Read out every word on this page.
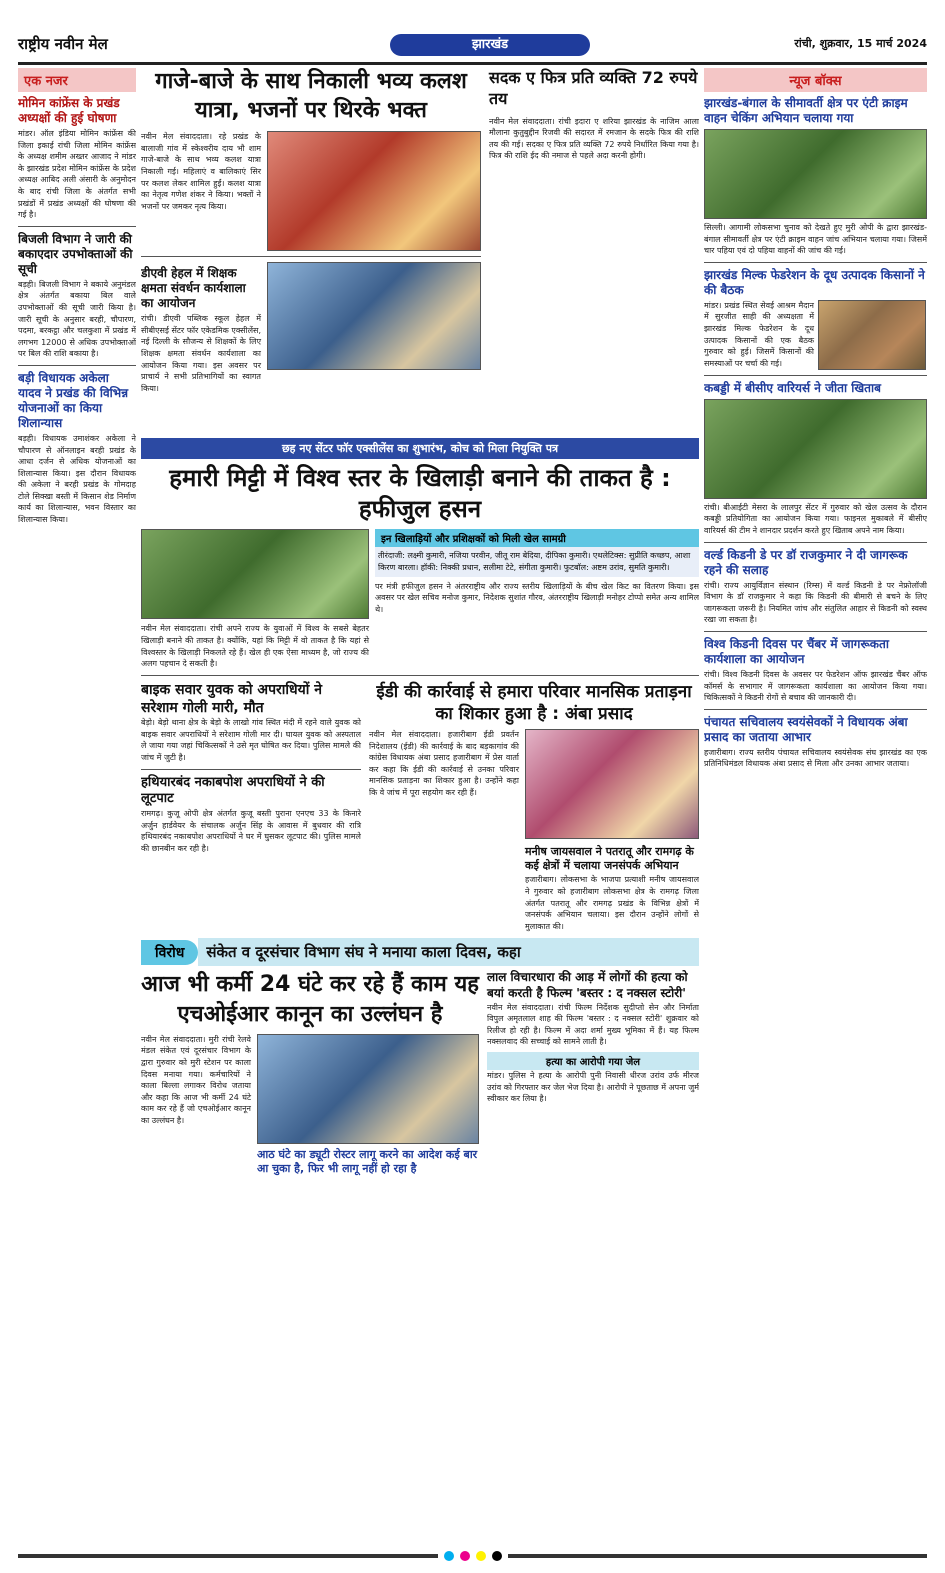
राष्ट्रीय नवीन मेल	झारखंड	रांची, शुक्रवार, 15 मार्च 2024
एक नजर
मोमिन कांफ्रेंस के प्रखंड अध्यक्षों की हुई घोषणा
मांडर। ऑल इंडिया मोमिन कांफ्रेंस की जिला इकाई रांची जिला मोमिन कांफ्रेंस के अध्यक्ष शमीम अख्तर आजाद ने मांडर के झारखंड प्रदेश मोमिन कांफ्रेंस के प्रदेश अध्यक्ष आबिद अली अंसारी के अनुमोदन के बाद रांची जिला के अंतर्गत सभी प्रखंडों में प्रखंड अध्यक्षों की घोषणा की गई है।
बिजली विभाग ने जारी की बकाएदार उपभोक्ताओं की सूची
बड़ही। बिजली विभाग ने बकाये अनुमंडल क्षेत्र अंतर्गत बकाया बिल वाले उपभोक्ताओं की सूची जारी किया है। जारी सूची के अनुसार बरही, चौपारण, पदमा, बरकट्ठा और चलकुशा में प्रखंड में लगभग 12000 से अधिक उपभोक्ताओं पर बिल की राशि बकाया है।
बड़ी विधायक अकेला यादव ने प्रखंड की विभिन्न योजनाओं का किया शिलान्यास
बड़ही। विधायक उमाशंकर अकेला ने चौपारण से ऑनलाइन बरही प्रखंड के आधा दर्जन से अधिक योजनाओं का शिलान्यास किया। इस दौरान विधायक की अकेला ने बरही प्रखंड के गोमदाह टोले सिक्खा बस्ती में किसान शेड निर्माण कार्य का शिलान्यास, भवन विस्तार का शिलान्यास किया।
गाजे-बाजे के साथ निकाली भव्य कलश यात्रा, भजनों पर थिरके भक्त
नवीन मेल संवाददाता। रहे प्रखंड के बालाजी गांव में स्केश्वरीय दाय भौ शाम गाजे-बाजे के साथ भव्य कलश यात्रा निकाली गई। महिलाएं व बालिकाएं सिर पर कलश लेकर शामिल हुईं। कलश यात्रा का नेतृत्व गणेश शंकर ने किया। भक्तों ने भजनों पर जमकर नृत्य किया।
डीएवी हेहल में शिक्षक क्षमता संवर्धन कार्यशाला का आयोजन
रांची। डीएवी पब्लिक स्कूल हेहल में सीबीएसई सेंटर फॉर एकेडमिक एक्सीलेंस, नई दिल्ली के सौजन्य से शिक्षकों के लिए शिक्षक क्षमता संवर्धन कार्यशाला का आयोजन किया गया। इस अवसर पर प्राचार्य ने सभी प्रतिभागियों का स्वागत किया।
सदक ए फित्र प्रति व्यक्ति 72 रुपये तय
नवीन मेल संवाददाता। रांची इदारा ए शरिया झारखंड के नाजिम आला मौलाना कुतुबुद्दीन रिजवी की सदारत में रमजान के सदके फित्र की राशि तय की गई। सदका ए फित्र प्रति व्यक्ति 72 रुपये निर्धारित किया गया है। फित्र की राशि ईद की नमाज से पहले अदा करनी होगी।
छह नए सेंटर फॉर एक्सीलेंस का शुभारंभ, कोच को मिला नियुक्ति पत्र
हमारी मिट्टी में विश्व स्तर के खिलाड़ी बनाने की ताकत है : हफीजुल हसन
नवीन मेल संवाददाता। रांची अपने राज्य के युवाओं में विश्व के सबसे बेहतर खिलाड़ी बनाने की ताकत है। क्योंकि, यहां कि मिट्टी में वो ताकत है कि यहां से विश्वस्तर के खिलाड़ी निकलते रहे हैं। खेल ही एक ऐसा माध्यम है, जो राज्य की अलग पहचान दे सकती है।
इन खिलाड़ियों और प्रशिक्षकों को मिली खेल सामग्री
तीरंदाजी: लक्ष्मी कुमारी, नजिया परवीन, जीतू राम बेदिया, दीपिका कुमारी। एथलेटिक्स: सुप्रीति कच्छप, आशा किरण बारला। हॉकी: निक्की प्रधान, सलीमा टेटे, संगीता कुमारी। फुटबॉल: अष्टम उरांव, सुमति कुमारी।
पर मंत्री हफीजुल हसन ने अंतरराष्ट्रीय और राज्य स्तरीय खिलाड़ियों के बीच खेल किट का वितरण किया। इस अवसर पर खेल सचिव मनोज कुमार, निदेशक सुशांत गौरव, अंतरराष्ट्रीय खिलाड़ी मनोहर टोप्पो समेत अन्य शामिल थे।
बाइक सवार युवक को अपराधियों ने सरेशाम गोली मारी, मौत
बेड़ो। बेड़ो थाना क्षेत्र के बेड़ो के लाखो गांव स्थित मंदी में रहने वाले युवक को बाइक सवार अपराधियों ने सरेशाम गोली मार दी। घायल युवक को अस्पताल ले जाया गया जहां चिकित्सकों ने उसे मृत घोषित कर दिया। पुलिस मामले की जांच में जुटी है।
हथियारबंद नकाबपोश अपराधियों ने की लूटपाट
रामगढ़। कुजू ओपी क्षेत्र अंतर्गत कुजू बस्ती पुराना एनएच 33 के किनारे अर्जुन हार्डवेयर के संचालक अर्जुन सिंह के आवास में बुधवार की रात्रि हथियारबंद नकाबपोश अपराधियों ने घर में घुसकर लूटपाट की। पुलिस मामले की छानबीन कर रही है।
ईडी की कार्रवाई से हमारा परिवार मानसिक प्रताड़ना का शिकार हुआ है : अंबा प्रसाद
नवीन मेल संवाददाता। हजारीबाग ईडी प्रवर्तन निदेशालय (ईडी) की कार्रवाई के बाद बड़कागांव की कांग्रेस विधायक अंबा प्रसाद हजारीबाग में प्रेस वार्ता कर कहा कि ईडी की कार्रवाई से उनका परिवार मानसिक प्रताड़ना का शिकार हुआ है। उन्होंने कहा कि वे जांच में पूरा सहयोग कर रही हैं।
मनीष जायसवाल ने पतरातू और रामगढ़ के कई क्षेत्रों में चलाया जनसंपर्क अभियान
हजारीबाग। लोकसभा के भाजपा प्रत्याशी मनीष जायसवाल ने गुरुवार को हजारीबाग लोकसभा क्षेत्र के रामगढ़ जिला अंतर्गत पतरातू और रामगढ़ प्रखंड के विभिन्न क्षेत्रों में जनसंपर्क अभियान चलाया। इस दौरान उन्होंने लोगों से मुलाकात की।
विरोध	संकेत व दूरसंचार विभाग संघ ने मनाया काला दिवस, कहा
आज भी कर्मी 24 घंटे कर रहे हैं काम यह एचओईआर कानून का उल्लंघन है
नवीन मेल संवाददाता। मुरी रांची रेलवे मंडल संकेत एवं दूरसंचार विभाग के द्वारा गुरुवार को मुरी स्टेशन पर काला दिवस मनाया गया। कर्मचारियों ने काला बिल्ला लगाकर विरोध जताया और कहा कि आज भी कर्मी 24 घंटे काम कर रहे हैं जो एचओईआर कानून का उल्लंघन है।
आठ घंटे का ड्यूटी रोस्टर लागू करने का आदेश कई बार आ चुका है, फिर भी लागू नहीं हो रहा है
लाल विचारधारा की आड़ में लोगों की हत्या को बयां करती है फिल्म 'बस्तर : द नक्सल स्टोरी'
नवीन मेल संवाददाता। रांची फिल्म निर्देशक सुदीप्तो सेन और निर्माता विपुल अमृतलाल शाह की फिल्म 'बस्तर : द नक्सल स्टोरी' शुक्रवार को रिलीज हो रही है। फिल्म में अदा शर्मा मुख्य भूमिका में हैं। यह फिल्म नक्सलवाद की सच्चाई को सामने लाती है।
हत्या का आरोपी गया जेल
मांडर। पुलिस ने हत्या के आरोपी पुनी निवासी धीरज उरांव उर्फ मीरज उरांव को गिरफ्तार कर जेल भेज दिया है। आरोपी ने पूछताछ में अपना जुर्म स्वीकार कर लिया है।
न्यूज बॉक्स
झारखंड-बंगाल के सीमावर्ती क्षेत्र पर एंटी क्राइम वाहन चेकिंग अभियान चलाया गया
सिल्ली। आगामी लोकसभा चुनाव को देखते हुए मुरी ओपी के द्वारा झारखंड-बंगाल सीमावर्ती क्षेत्र पर एंटी क्राइम वाहन जांच अभियान चलाया गया। जिसमें चार पहिया एवं दो पहिया वाहनों की जांच की गई।
झारखंड मिल्क फेडरेशन के दूध उत्पादक किसानों ने की बैठक
मांडर। प्रखंड स्थित सेवई आश्रम मैदान में सुरजीत साही की अध्यक्षता में झारखंड मिल्क फेडरेशन के दूध उत्पादक किसानों की एक बैठक गुरुवार को हुई। जिसमें किसानों की समस्याओं पर चर्चा की गई।
कबड्डी में बीसीए वारियर्स ने जीता खिताब
रांची। बीआईटी मेसरा के लालपुर सेंटर में गुरुवार को खेल उत्सव के दौरान कबड्डी प्रतियोगिता का आयोजन किया गया। फाइनल मुकाबले में बीसीए वारियर्स की टीम ने शानदार प्रदर्शन करते हुए खिताब अपने नाम किया।
वर्ल्ड किडनी डे पर डॉ राजकुमार ने दी जागरूक रहने की सलाह
रांची। राज्य आयुर्विज्ञान संस्थान (रिम्स) में वर्ल्ड किडनी डे पर नेफ्रोलॉजी विभाग के डॉ राजकुमार ने कहा कि किडनी की बीमारी से बचने के लिए जागरूकता जरूरी है। नियमित जांच और संतुलित आहार से किडनी को स्वस्थ रखा जा सकता है।
विश्व किडनी दिवस पर चैंबर में जागरूकता कार्यशाला का आयोजन
रांची। विश्व किडनी दिवस के अवसर पर फेडरेशन ऑफ झारखंड चैंबर ऑफ कॉमर्स के सभागार में जागरूकता कार्यशाला का आयोजन किया गया। चिकित्सकों ने किडनी रोगों से बचाव की जानकारी दी।
पंचायत सचिवालय स्वयंसेवकों ने विधायक अंबा प्रसाद का जताया आभार
हजारीबाग। राज्य स्तरीय पंचायत सचिवालय स्वयंसेवक संघ झारखंड का एक प्रतिनिधिमंडल विधायक अंबा प्रसाद से मिला और उनका आभार जताया।
